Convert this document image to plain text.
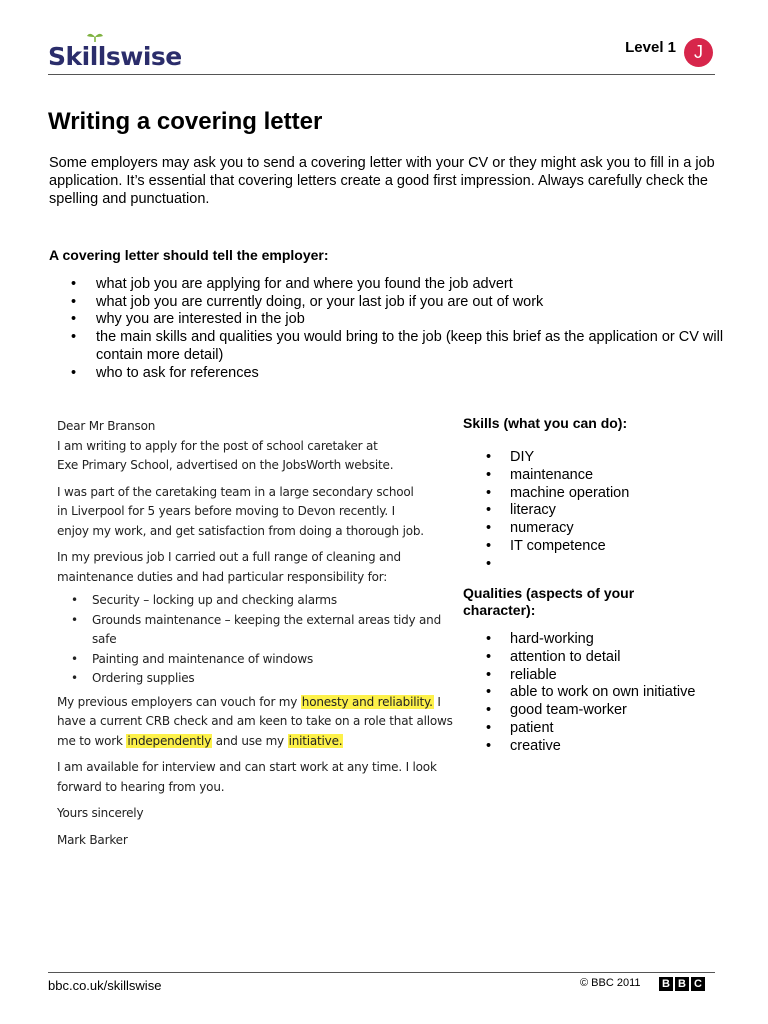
Skillswise	Level 1	J
Writing a covering letter
Some employers may ask you to send a covering letter with your CV or they might ask you to fill in a job application. It’s essential that covering letters create a good first impression. Always carefully check the spelling and punctuation.
A covering letter should tell the employer:
• what job you are applying for and where you found the job advert
• what job you are currently doing, or your last job if you are out of work
• why you are interested in the job
• the main skills and qualities you would bring to the job (keep this brief as the application or CV will contain more detail)
• who to ask for references

Dear Mr Branson

I am writing to apply for the post of school caretaker at

Exe Primary School, advertised on the JobsWorth website.

I was part of the caretaking team in a large secondary school

in Liverpool for 5 years before moving to Devon recently. I

enjoy my work, and get satisfaction from doing a thorough job.

In my previous job I carried out a full range of cleaning and

maintenance duties and had particular responsibility for:

• Security – locking up and checking alarms
• Grounds maintenance – keeping the external areas tidy and safe
• Painting and maintenance of windows
• Ordering supplies

My previous employers can vouch for my honesty and reliability. I

have a current CRB check and am keen to take on a role that allows

me to work independently and use my initiative.

I am available for interview and can start work at any time. I look

forward to hearing from you.

Yours sincerely

Mark Barker

Skills (what you can do):
• DIY
• maintenance
• machine operation
• literacy
• numeracy
• IT competence
•
Qualities (aspects of your character):
• hard-working
• attention to detail
• reliable
• able to work on own initiative
• good team-worker
• patient
• creative
bbc.co.uk/skillswise	© BBC 2011 B B C
